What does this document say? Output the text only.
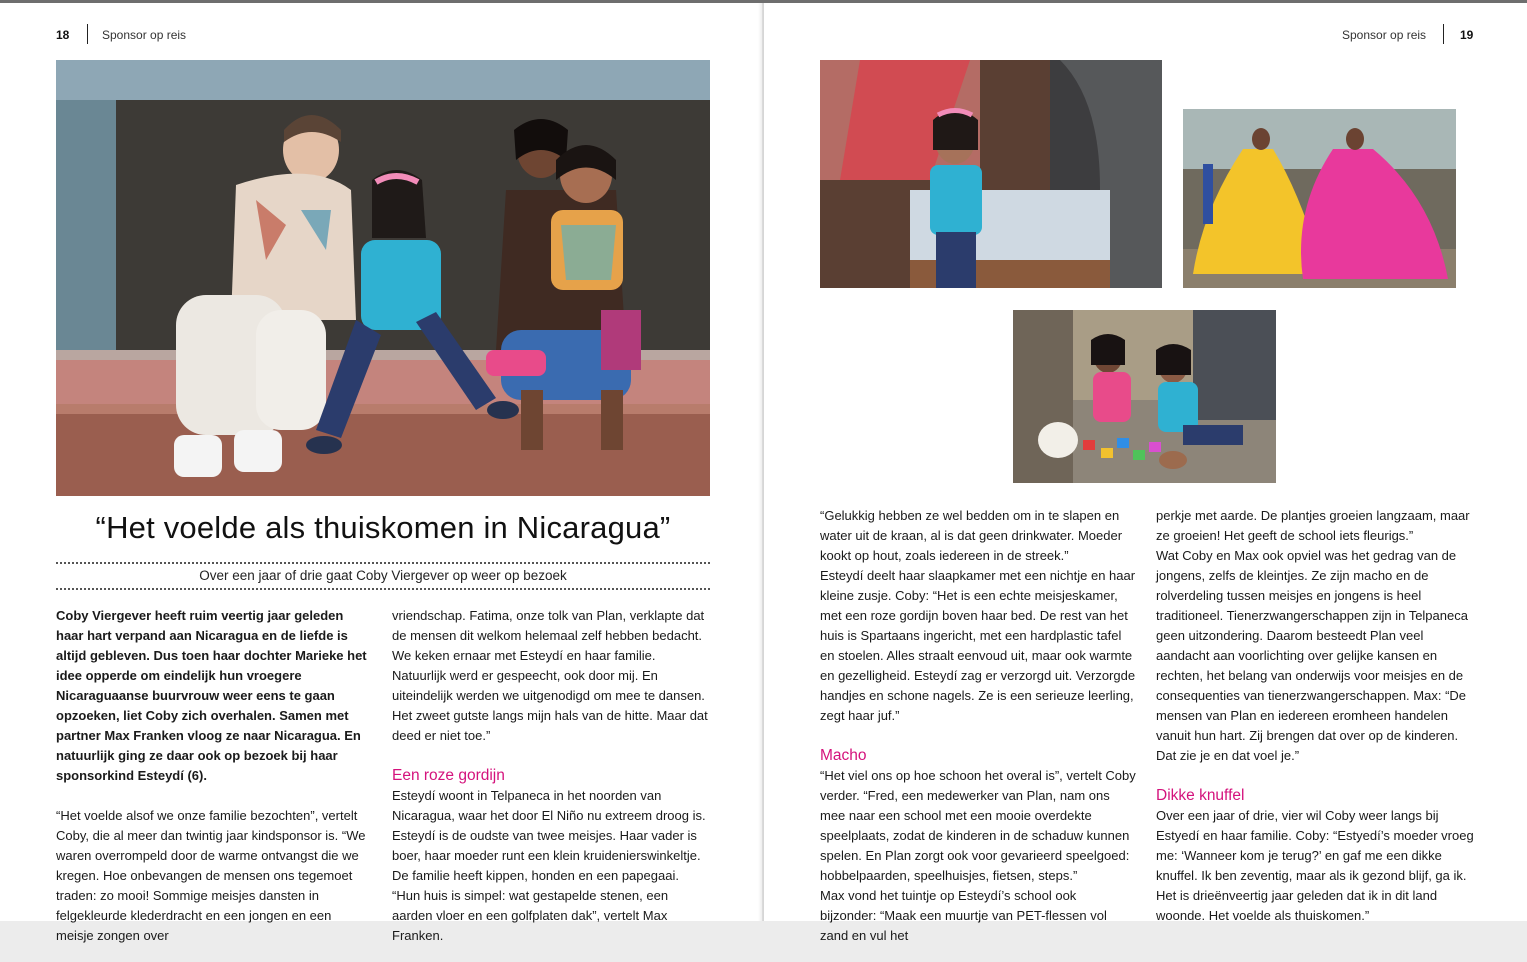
18	Sponsor op reis
“Het voelde als thuiskomen in Nicaragua”
Over een jaar of drie gaat Coby Viergever op weer op bezoek

Coby Viergever heeft ruim veertig jaar geleden haar hart verpand aan Nicaragua en de liefde is altijd gebleven. Dus toen haar dochter Marieke het idee opperde om eindelijk hun vroegere Nicaraguaanse buurvrouw weer eens te gaan opzoeken, liet Coby zich overhalen. Samen met partner Max Franken vloog ze naar Nicaragua. En natuurlijk ging ze daar ook op bezoek bij haar sponsorkind Esteydí (6).

“Het voelde alsof we onze familie bezochten”, vertelt Coby, die al meer dan twintig jaar kindsponsor is. “We waren overrompeld door de warme ontvangst die we kregen. Hoe onbevangen de mensen ons tegemoet traden: zo mooi! Sommige meisjes dansten in felgekleurde klederdracht en een jongen en een meisje zongen over

vriendschap. Fatima, onze tolk van Plan, verklapte dat de mensen dit welkom helemaal zelf hebben bedacht. We keken ernaar met Esteydí en haar familie. Natuurlijk werd er gespeecht, ook door mij. En uiteindelijk werden we uitgenodigd om mee te dansen. Het zweet gutste langs mijn hals van de hitte. Maar dat deed er niet toe.”

Een roze gordijn

Esteydí woont in Telpaneca in het noorden van Nicaragua, waar het door El Niño nu extreem droog is. Esteydí is de oudste van twee meisjes. Haar vader is boer, haar moeder runt een klein kruidenierswinkeltje. De familie heeft kippen, honden en een papegaai.

“Hun huis is simpel: wat gestapelde stenen, een aarden vloer en een golfplaten dak”, vertelt Max Franken.

Sponsor op reis	19

“Gelukkig hebben ze wel bedden om in te slapen en water uit de kraan, al is dat geen drinkwater. Moeder kookt op hout, zoals iedereen in de streek.”

Esteydí deelt haar slaapkamer met een nichtje en haar kleine zusje. Coby: “Het is een echte meisjeskamer, met een roze gordijn boven haar bed. De rest van het huis is Spartaans ingericht, met een hardplastic tafel en stoelen. Alles straalt eenvoud uit, maar ook warmte en gezelligheid. Esteydí zag er verzorgd uit. Verzorgde handjes en schone nagels. Ze is een serieuze leerling, zegt haar juf.”

Macho

“Het viel ons op hoe schoon het overal is”, vertelt Coby verder. “Fred, een medewerker van Plan, nam ons mee naar een school met een mooie overdekte speelplaats, zodat de kinderen in de schaduw kunnen spelen. En Plan zorgt ook voor gevarieerd speelgoed: hobbelpaarden, speelhuisjes, fietsen, steps.”

Max vond het tuintje op Esteydí’s school ook bijzonder: “Maak een muurtje van PET-flessen vol zand en vul het

perkje met aarde. De plantjes groeien langzaam, maar ze groeien! Het geeft de school iets fleurigs.”

Wat Coby en Max ook opviel was het gedrag van de jongens, zelfs de kleintjes. Ze zijn macho en de rolverdeling tussen meisjes en jongens is heel traditioneel. Tienerzwangerschappen zijn in Telpaneca geen uitzondering. Daarom besteedt Plan veel aandacht aan voorlichting over gelijke kansen en rechten, het belang van onderwijs voor meisjes en de consequenties van tienerzwangerschappen. Max: “De mensen van Plan en iedereen eromheen handelen vanuit hun hart. Zij brengen dat over op de kinderen. Dat zie je en dat voel je.”

Dikke knuffel

Over een jaar of drie, vier wil Coby weer langs bij Estyedí en haar familie. Coby: “Estyedí’s moeder vroeg me: ‘Wanneer kom je terug?’ en gaf me een dikke knuffel. Ik ben zeventig, maar als ik gezond blijf, ga ik. Het is drieënveertig jaar geleden dat ik in dit land woonde. Het voelde als thuiskomen.”
